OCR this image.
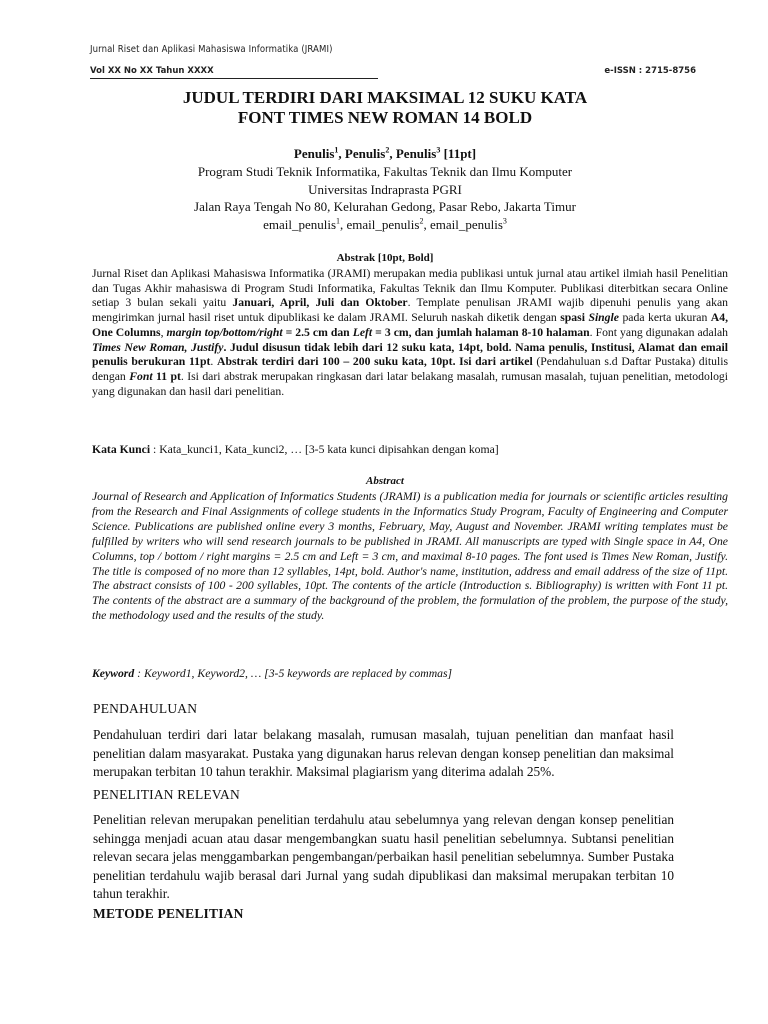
Jurnal Riset dan Aplikasi Mahasiswa Informatika (JRAMI)
Vol XX No XX Tahun XXXX	e-ISSN : 2715-8756
JUDUL TERDIRI DARI MAKSIMAL 12 SUKU KATA
FONT TIMES NEW ROMAN 14 BOLD
Penulis$^1$, Penulis$^2$, Penulis$^3$ [11pt]
Program Studi Teknik Informatika, Fakultas Teknik dan Ilmu Komputer
Universitas Indraprasta PGRI
Jalan Raya Tengah No 80, Kelurahan Gedong, Pasar Rebo, Jakarta Timur
email_penulis$^1$, email_penulis$^2$, email_penulis$^3$
Abstrak [10pt, Bold]
Jurnal Riset dan Aplikasi Mahasiswa Informatika (JRAMI) merupakan media publikasi untuk jurnal atau artikel ilmiah hasil Penelitian dan Tugas Akhir mahasiswa di Program Studi Informatika, Fakultas Teknik dan Ilmu Komputer. Publikasi diterbitkan secara Online setiap 3 bulan sekali yaitu Januari, April, Juli dan Oktober. Template penulisan JRAMI wajib dipenuhi penulis yang akan mengirimkan jurnal hasil riset untuk dipublikasi ke dalam JRAMI. Seluruh naskah diketik dengan spasi Single pada kerta ukuran A4, One Columns, margin top/bottom/right = 2.5 cm dan Left = 3 cm, dan jumlah halaman 8-10 halaman. Font yang digunakan adalah Times New Roman, Justify. Judul disusun tidak lebih dari 12 suku kata, 14pt, bold. Nama penulis, Institusi, Alamat dan email penulis berukuran 11pt. Abstrak terdiri dari 100 – 200 suku kata, 10pt. Isi dari artikel (Pendahuluan s.d Daftar Pustaka) ditulis dengan Font 11 pt. Isi dari abstrak merupakan ringkasan dari latar belakang masalah, rumusan masalah, tujuan penelitian, metodologi yang digunakan dan hasil dari penelitian.
Kata Kunci : Kata_kunci1, Kata_kunci2, … [3-5 kata kunci dipisahkan dengan koma]
Abstract
Journal of Research and Application of Informatics Students (JRAMI) is a publication media for journals or scientific articles resulting from the Research and Final Assignments of college students in the Informatics Study Program, Faculty of Engineering and Computer Science. Publications are published online every 3 months, February, May, August and November. JRAMI writing templates must be fulfilled by writers who will send research journals to be published in JRAMI. All manuscripts are typed with Single space in A4, One Columns, top / bottom / right margins = 2.5 cm and Left = 3 cm, and maximal 8-10 pages. The font used is Times New Roman, Justify. The title is composed of no more than 12 syllables, 14pt, bold. Author's name, institution, address and email address of the size of 11pt. The abstract consists of 100 - 200 syllables, 10pt. The contents of the article (Introduction s. Bibliography) is written with Font 11 pt. The contents of the abstract are a summary of the background of the problem, the formulation of the problem, the purpose of the study, the methodology used and the results of the study.
Keyword : Keyword1, Keyword2, … [3-5 keywords are replaced by commas]
PENDAHULUAN
Pendahuluan terdiri dari latar belakang masalah, rumusan masalah, tujuan penelitian dan manfaat hasil penelitian dalam masyarakat. Pustaka yang digunakan harus relevan dengan konsep penelitian dan maksimal merupakan terbitan 10 tahun terakhir. Maksimal plagiarism yang diterima adalah 25%.
PENELITIAN RELEVAN
Penelitian relevan merupakan penelitian terdahulu atau sebelumnya yang relevan dengan konsep penelitian sehingga menjadi acuan atau dasar mengembangkan suatu hasil penelitian sebelumnya. Subtansi penelitian relevan secara jelas menggambarkan pengembangan/perbaikan hasil penelitian sebelumnya. Sumber Pustaka penelitian terdahulu wajib berasal dari Jurnal yang sudah dipublikasi dan maksimal merupakan terbitan 10 tahun terakhir.
METODE PENELITIAN
